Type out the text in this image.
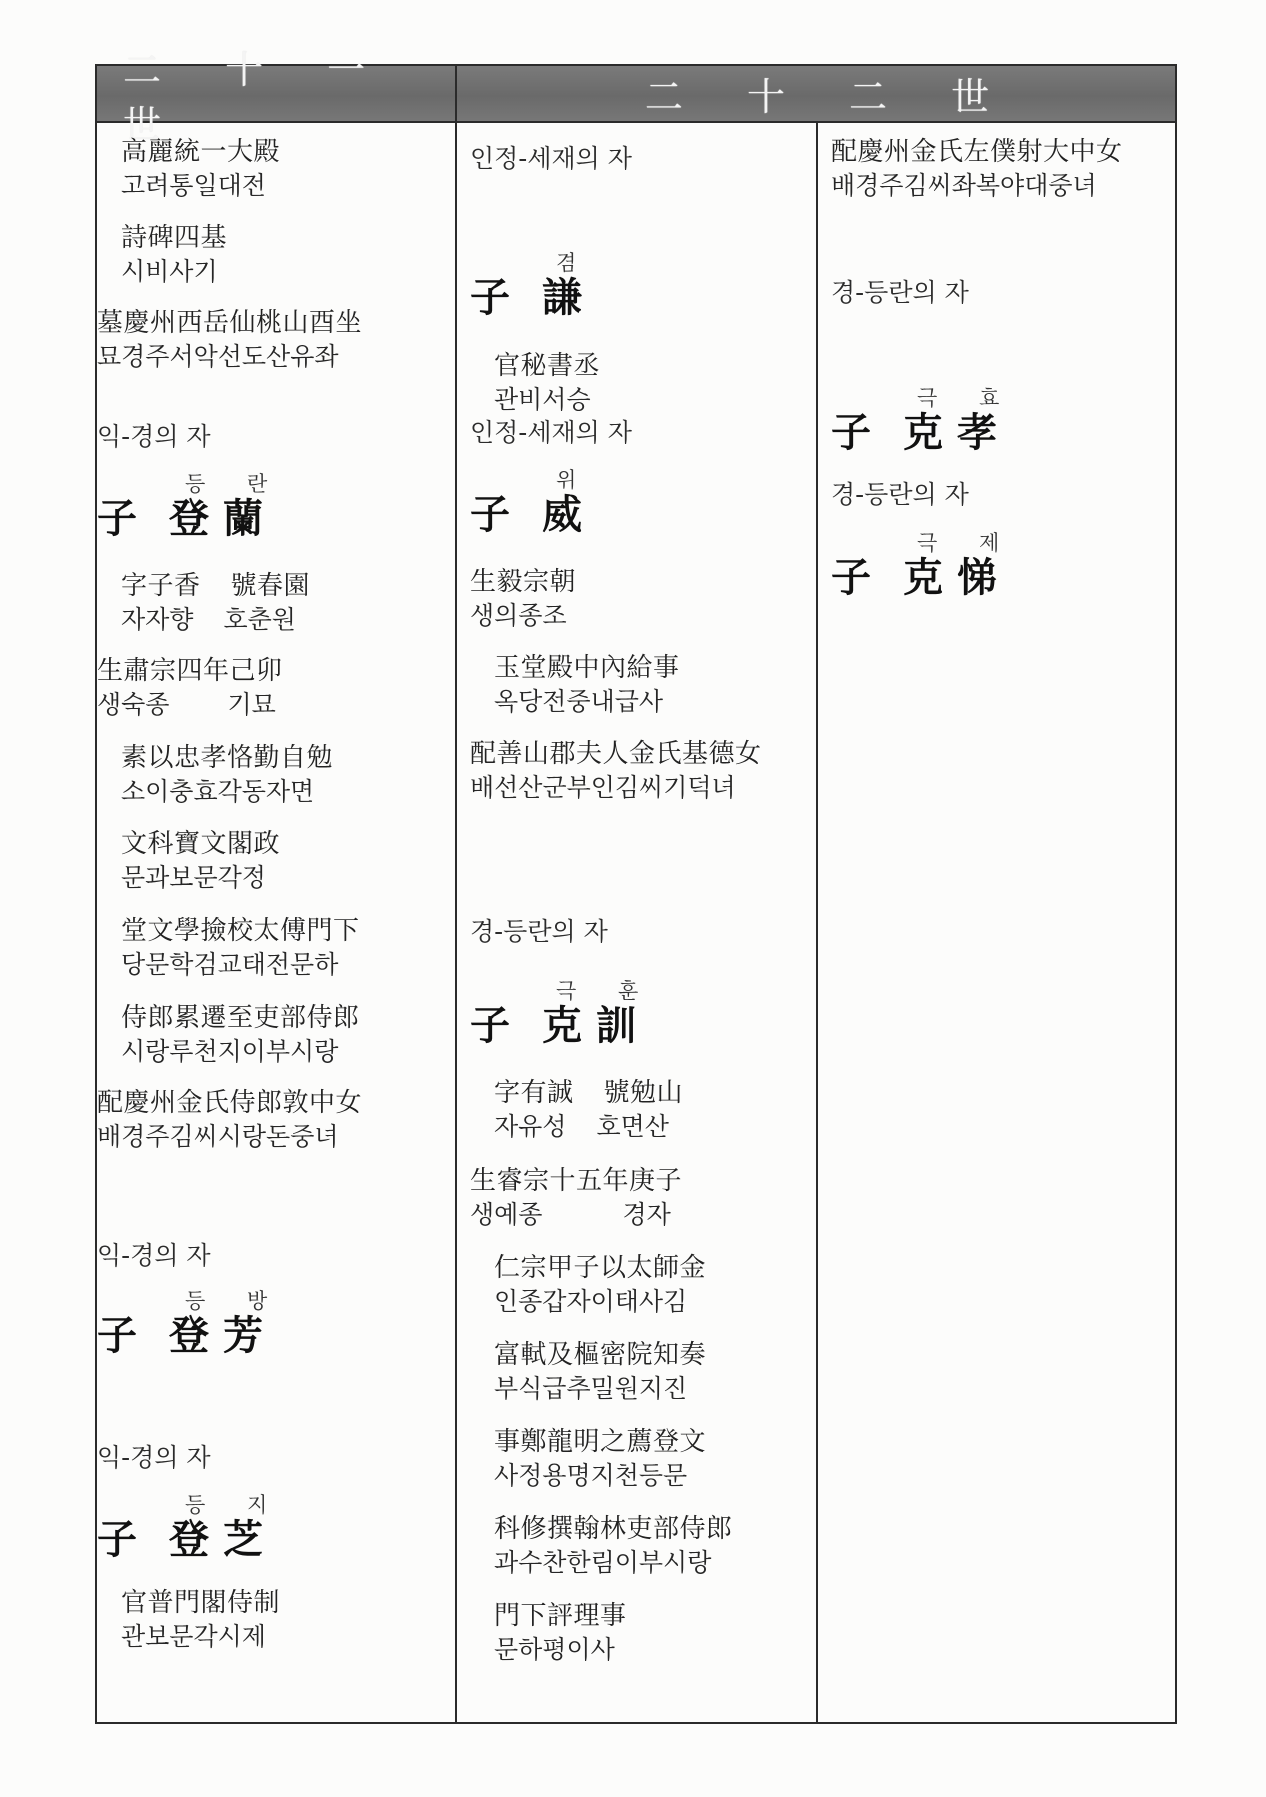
二 十 一 世
二 十 二 世
高麗統一大殿
고려통일대전
詩碑四基
시비사기
墓慶州西岳仙桃山酉坐
묘경주서악선도산유좌
익-경의 자
등 란
子 登 蘭
字子香 號春園
자자향 호춘원
生肅宗四年己卯
생숙종 기묘
素以忠孝恪勤自勉
소이충효각동자면
文科寶文閣政
문과보문각정
堂文學撿校太傅門下
당문학검교태전문하
侍郎累遷至吏部侍郎
시랑루천지이부시랑
配慶州金氏侍郎敦中女
배경주김씨시랑돈중녀
익-경의 자
등 방
子 登 芳
익-경의 자
등 지
子 登 芝
官普門閣侍制
관보문각시제
인정-세재의 자
겸
子 謙
官秘書丞
관비서승
인정-세재의 자
위
子 威
生毅宗朝
생의종조
玉堂殿中內給事
옥당전중내급사
配善山郡夫人金氏基德女
배선산군부인김씨기덕녀
경-등란의 자
극 훈
子 克 訓
字有誠 號勉山
자유성 호면산
生睿宗十五年庚子
생예종	경자
仁宗甲子以太師金
인종갑자이태사김
富軾及樞密院知奏
부식급추밀원지진
事鄭龍明之薦登文
사정용명지천등문
科修撰翰林吏部侍郎
과수찬한림이부시랑
門下評理事
문하평이사
配慶州金氏左僕射大中女
배경주김씨좌복야대중녀
경-등란의 자
극 효
子 克 孝
경-등란의 자
극 제
子 克 悌
